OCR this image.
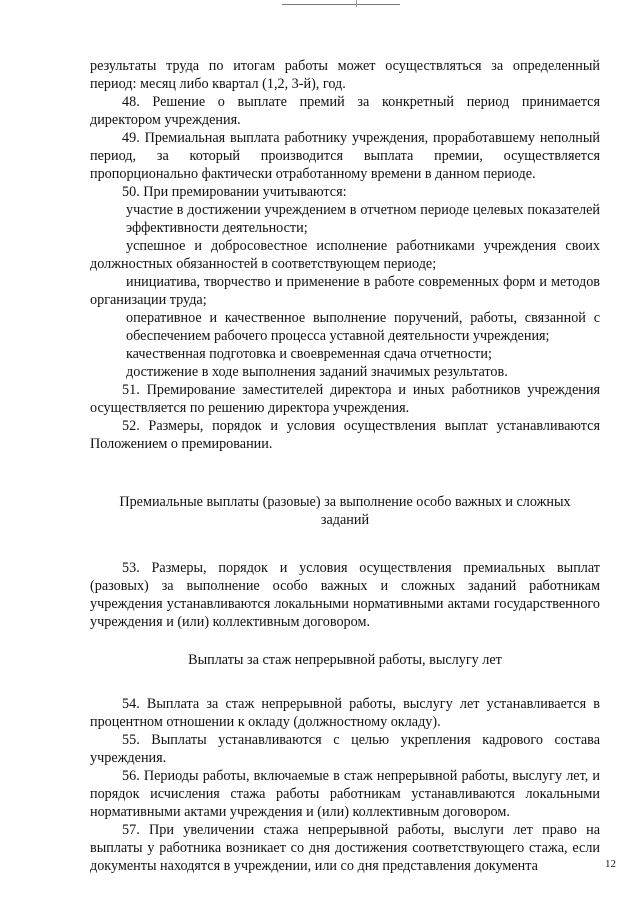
результаты труда по итогам работы может осуществляться за определенный период: месяц либо квартал (1,2, 3-й), год.

48. Решение о выплате премий за конкретный период принимается директором учреждения.

49. Премиальная выплата работнику учреждения, проработавшему неполный период, за который производится выплата премии, осуществляется пропорционально фактически отработанному времени в данном периоде.

50. При премировании учитываются:

участие в достижении учреждением в отчетном периоде целевых показателей эффективности деятельности;

успешное и добросовестное исполнение работниками учреждения своих должностных обязанностей в соответствующем периоде;

инициатива, творчество и применение в работе современных форм и методов организации труда;

оперативное и качественное выполнение поручений, работы, связанной с обеспечением рабочего процесса уставной деятельности учреждения;

качественная подготовка и своевременная сдача отчетности;

достижение в ходе выполнения заданий значимых результатов.

51. Премирование заместителей директора и иных работников учреждения осуществляется по решению директора учреждения.

52. Размеры, порядок и условия осуществления выплат устанавливаются Положением о премировании.

Премиальные выплаты (разовые) за выполнение особо важных и сложных заданий

53. Размеры, порядок и условия осуществления премиальных выплат (разовых) за выполнение особо важных и сложных заданий работникам учреждения устанавливаются локальными нормативными актами государственного учреждения и (или) коллективным договором.

Выплаты за стаж непрерывной работы, выслугу лет

54. Выплата за стаж непрерывной работы, выслугу лет устанавливается в процентном отношении к окладу (должностному окладу).

55. Выплаты устанавливаются с целью укрепления кадрового состава учреждения.

56. Периоды работы, включаемые в стаж непрерывной работы, выслугу лет, и порядок исчисления стажа работы работникам устанавливаются локальными нормативными актами учреждения и (или) коллективным договором.

57. При увеличении стажа непрерывной работы, выслуги лет право на выплаты у работника возникает со дня достижения соответствующего стажа, если документы находятся в учреждении, или со дня представления документа	12
